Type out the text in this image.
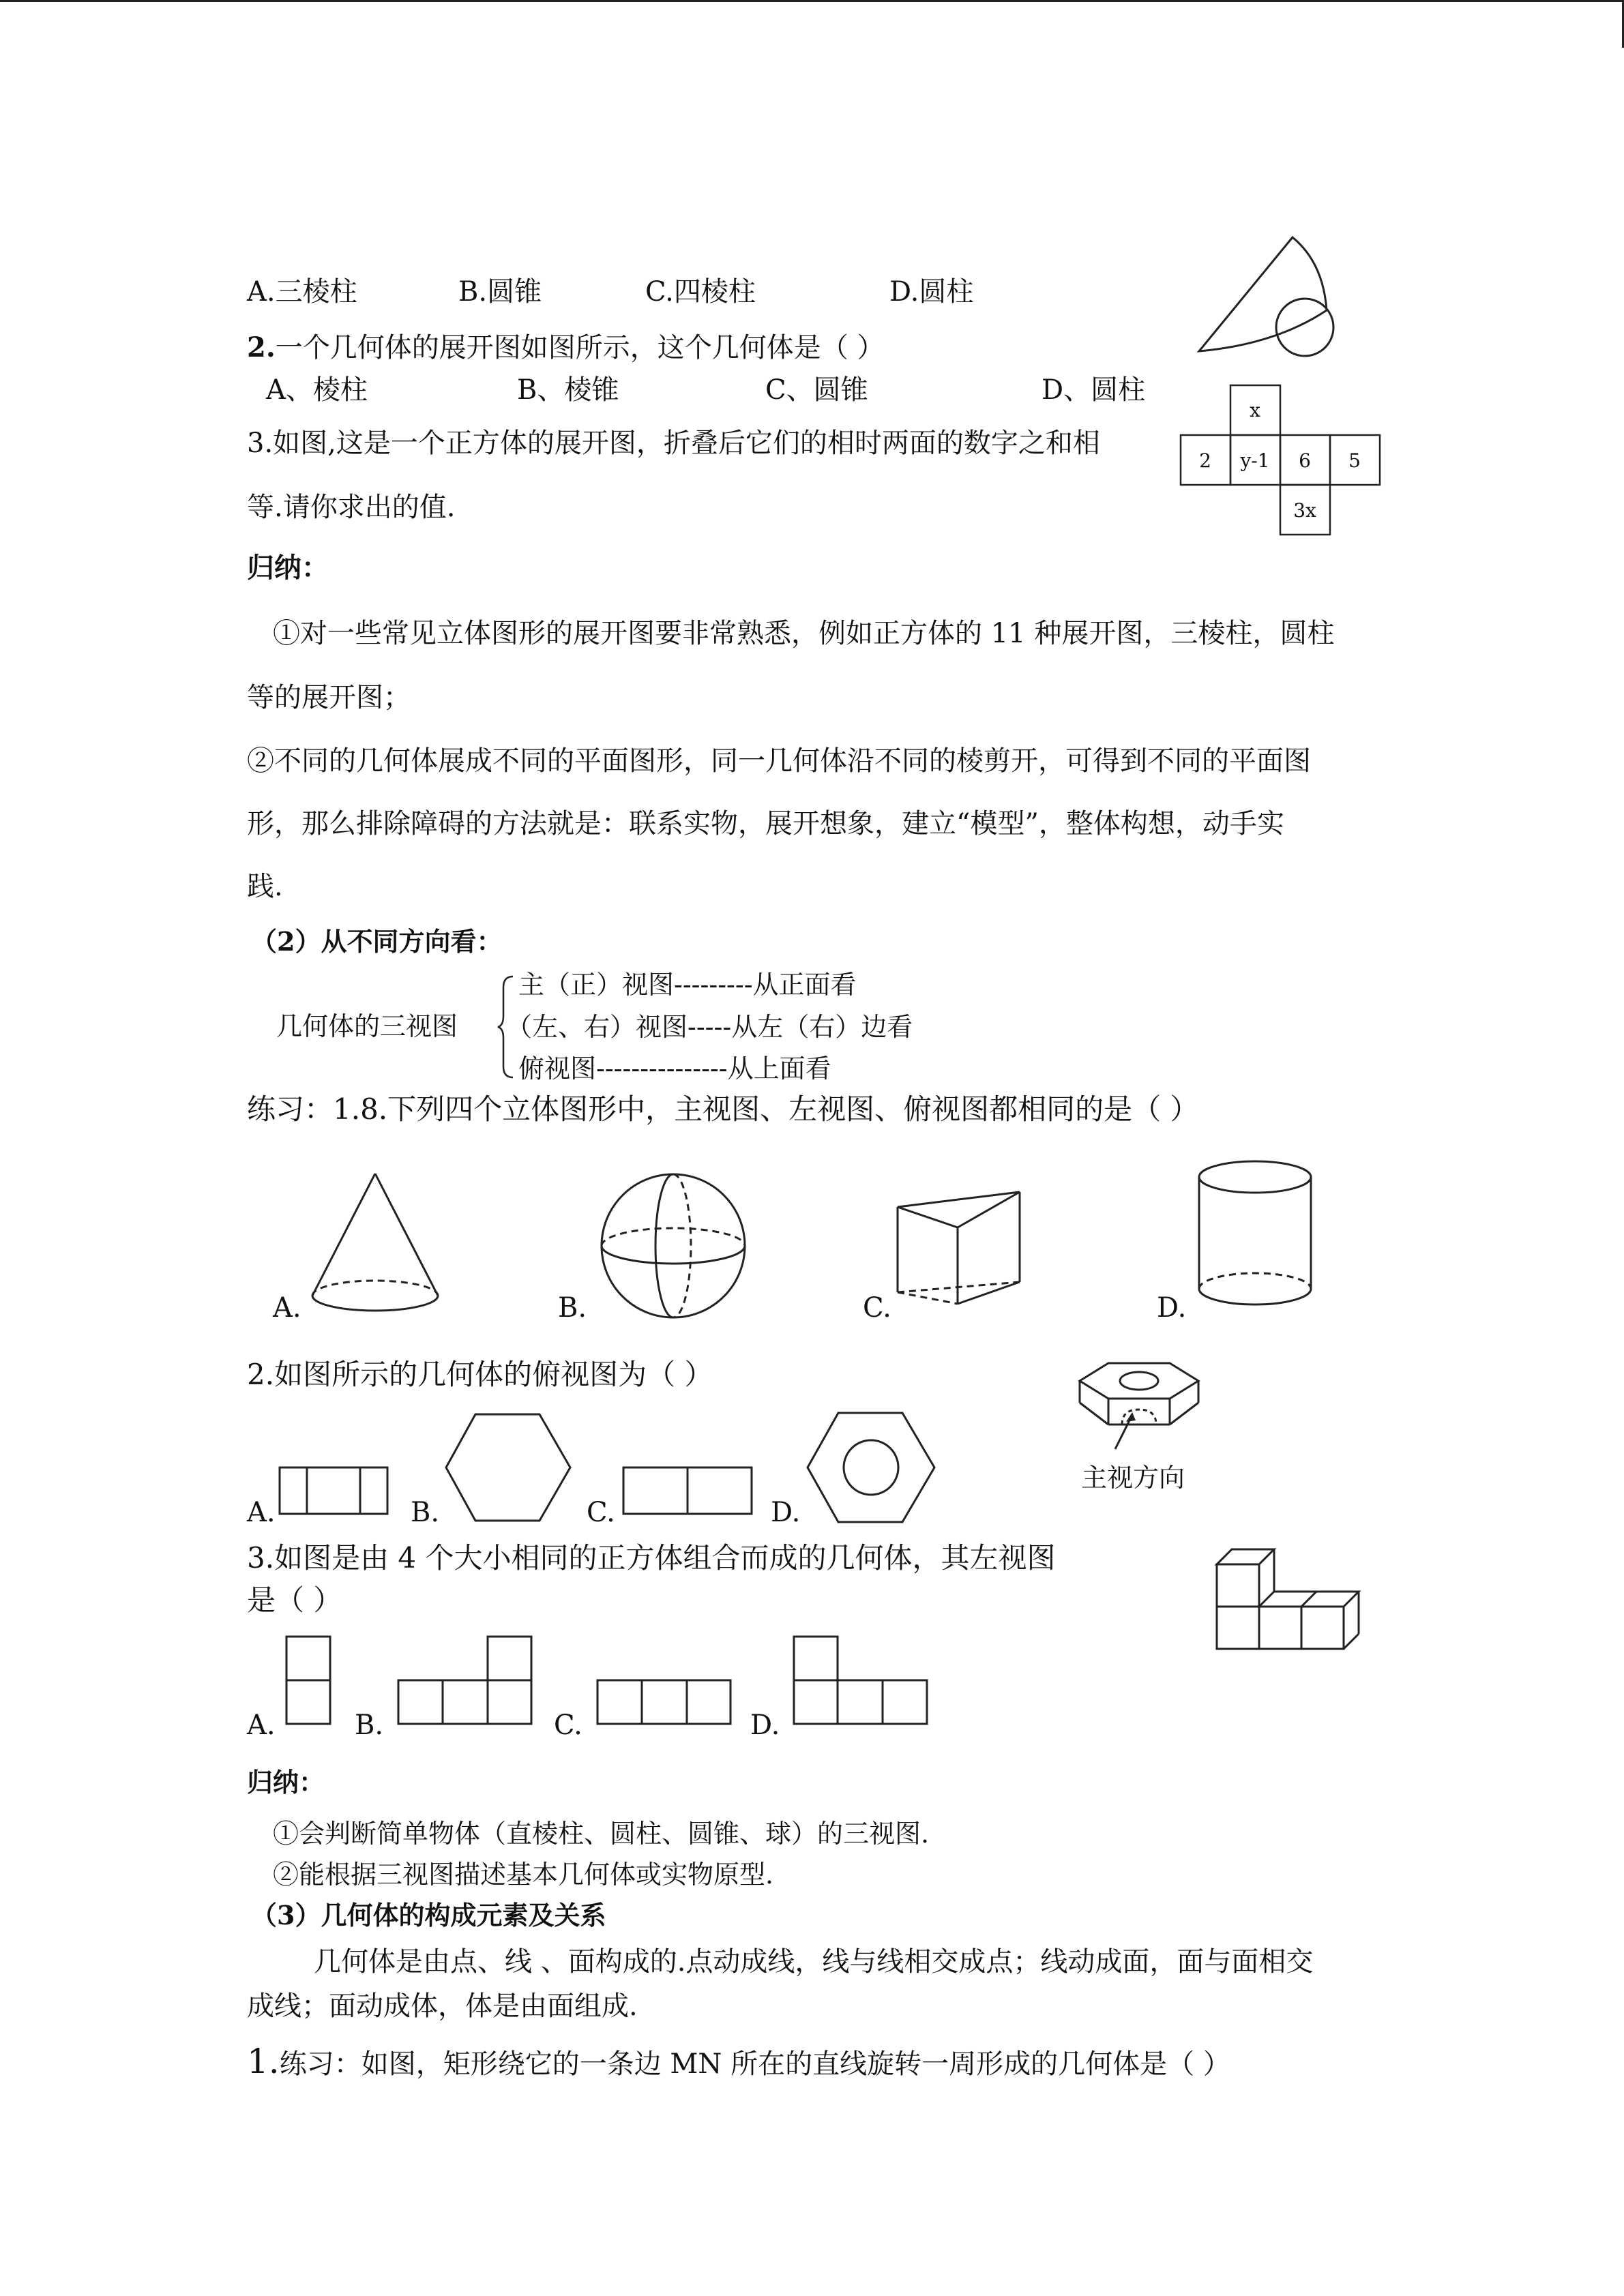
A.三棱柱	B.圆锥	C.四棱柱	D.圆柱
2.一个几何体的展开图如图所示，这个几何体是（ ）
A、棱柱	B、棱锥	C、圆锥	D、圆柱
x
2 y-1 6 5
3x
3.如图,这是一个正方体的展开图，折叠后它们的相时两面的数字之和相
等.请你求出的值.
归纳：
①对一些常见立体图形的展开图要非常熟悉，例如正方体的 11 种展开图，三棱柱，圆柱
等的展开图；
②不同的几何体展成不同的平面图形，同一几何体沿不同的棱剪开，可得到不同的平面图
形，那么排除障碍的方法就是：联系实物，展开想象，建立“模型”，整体构想，动手实
践.
（2）从不同方向看：
几何体的三视图
主（正）视图---------从正面看
（左、右）视图-----从左（右）边看
俯视图---------------从上面看
练习：1.8.下列四个立体图形中，主视图、左视图、俯视图都相同的是（ ）
A.	B.	C.	D.
2.如图所示的几何体的俯视图为（ ）
主视方向
A.	B.	C.	D.
3.如图是由 4 个大小相同的正方体组合而成的几何体，其左视图
是（ ）
A.	B.	C.	D.
归纳：
①会判断简单物体（直棱柱、圆柱、圆锥、球）的三视图.
②能根据三视图描述基本几何体或实物原型.
（3）几何体的构成元素及关系
几何体是由点、线 、面构成的.点动成线，线与线相交成点；线动成面，面与面相交
成线；面动成体，体是由面组成.
1.练习：如图，矩形绕它的一条边 MN 所在的直线旋转一周形成的几何体是（ ）
